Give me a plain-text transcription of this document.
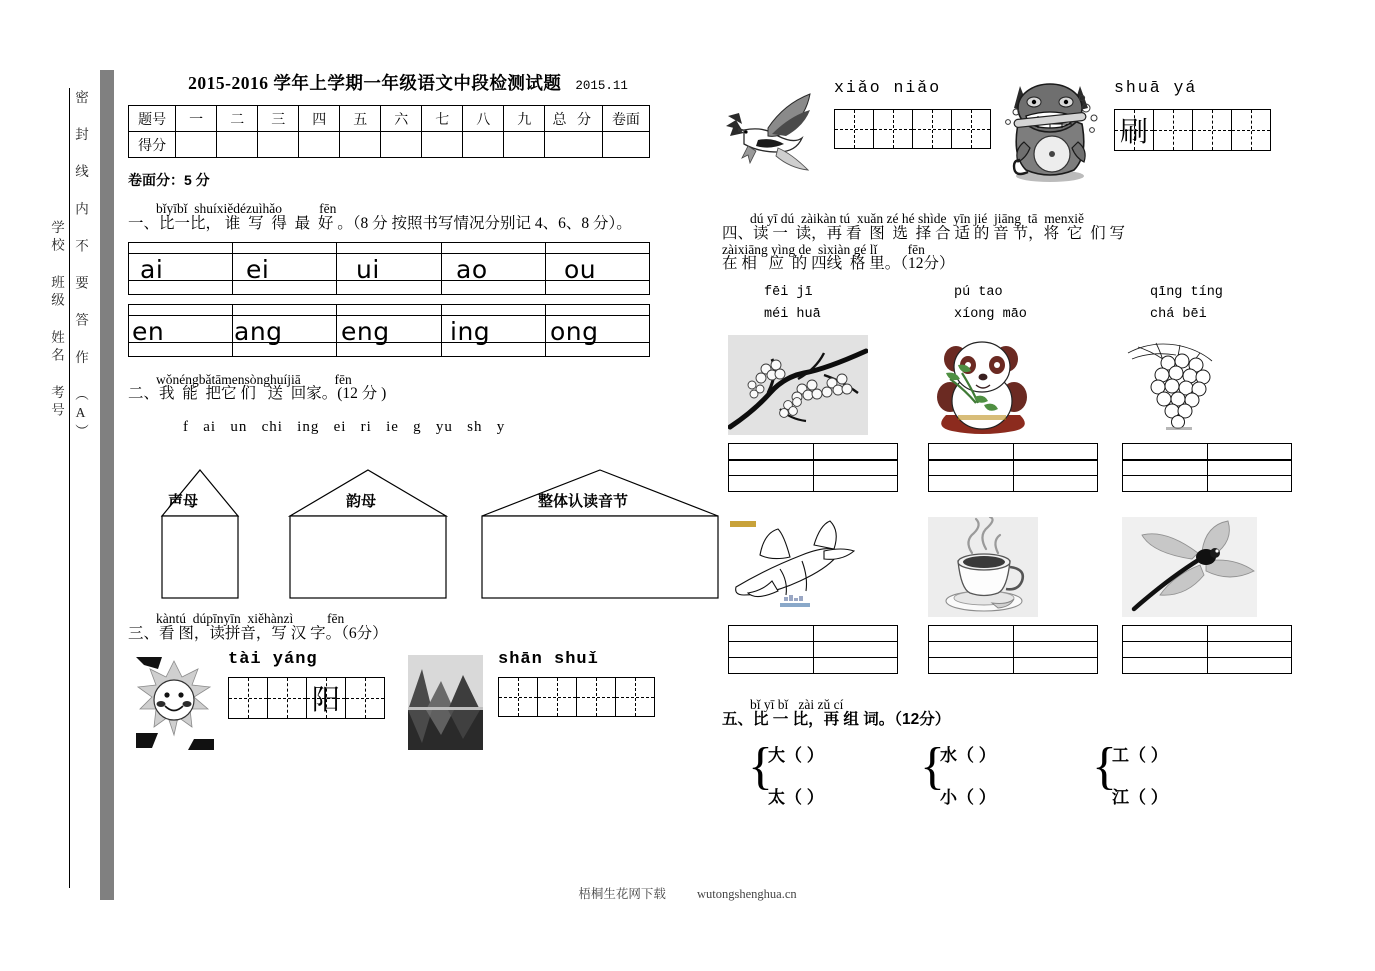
学校 班级 姓名 考号 密 封 线 内 不 要 答 作 （A）
2015-2016 学年上学期一年级语文中段检测试题 2015.11
题号	一	二	三	四	五	六	七	八	九	总 分	卷面
得分											
卷面分：5 分
bǐyībǐ  shuíxiědézuìhǎo           fēn
一、比一比， 谁  写  得  最  好 。（8 分 按照书写情况分别记 4、6、8 分）。
ai	ei	ui	ao	ou
en	ang eng ing ong
wǒnéngbǎtāmensònghuíjiā          fēn
二、我  能  把它 们   送  回家。(12 分 )
f ai un chi ing ei ri ie g yu sh y
声母	韵母	整体认读音节
kàntú  dúpīnyīn  xiěhànzì          fēn
三、看 图，读拼音，写 汉 字。（6分）
tài yáng

阳	
shān shuǐ

xiǎo niǎo

		shuā yá
刷	

dú yī dú  zàikàn tú  xuǎn zé hé shìde  yīn jié  jiāng  tā  menxiě
四、读 一  读，再 看  图  选  择 合 适 的 音 节，将  它  们 写
zàixiāng yìng de  sìxiàn gé lǐ         fēn
在 相   应  的 四线  格 里。（12分）
fēi jī	pú tao	qīng tíng
méi huā	xíong māo	chá bēi

bǐ yī bǐ   zài zǔ cí
五、比 一 比，再 组 词。（12分）
{
大（ ）
太（ ）
{
水（ ）
小（ ）
{
工（ ）
江（ ）
梧桐生花网下载 wutongshenghua.cn
